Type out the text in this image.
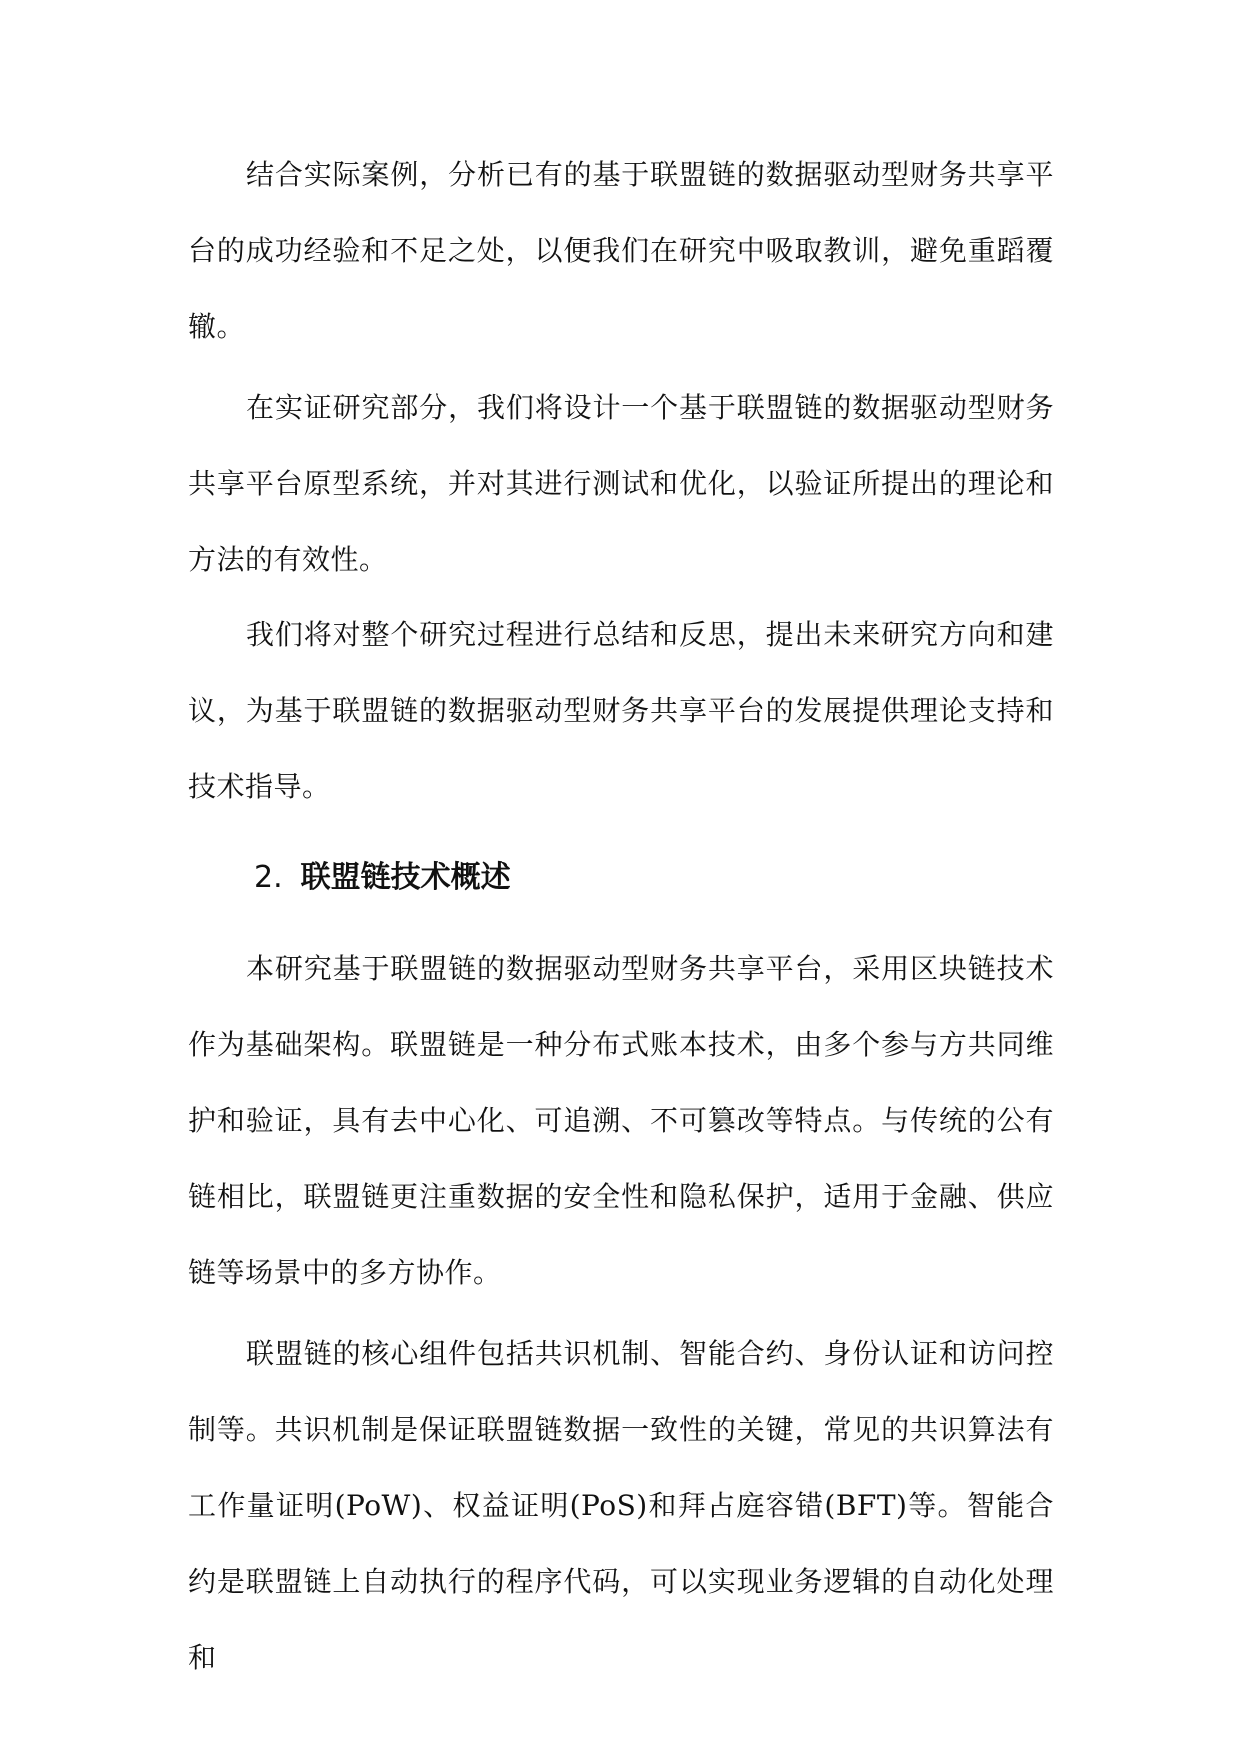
结合实际案例，分析已有的基于联盟链的数据驱动型财务共享平台的成功经验和不足之处，以便我们在研究中吸取教训，避免重蹈覆辙。

在实证研究部分，我们将设计一个基于联盟链的数据驱动型财务共享平台原型系统，并对其进行测试和优化，以验证所提出的理论和方法的有效性。

我们将对整个研究过程进行总结和反思，提出未来研究方向和建议，为基于联盟链的数据驱动型财务共享平台的发展提供理论支持和技术指导。

2. 联盟链技术概述

本研究基于联盟链的数据驱动型财务共享平台，采用区块链技术作为基础架构。联盟链是一种分布式账本技术，由多个参与方共同维护和验证，具有去中心化、可追溯、不可篡改等特点。与传统的公有链相比，联盟链更注重数据的安全性和隐私保护，适用于金融、供应链等场景中的多方协作。

联盟链的核心组件包括共识机制、智能合约、身份认证和访问控制等。共识机制是保证联盟链数据一致性的关键，常见的共识算法有工作量证明(PoW)、权益证明(PoS)和拜占庭容错(BFT)等。智能合约是联盟链上自动执行的程序代码，可以实现业务逻辑的自动化处理和
